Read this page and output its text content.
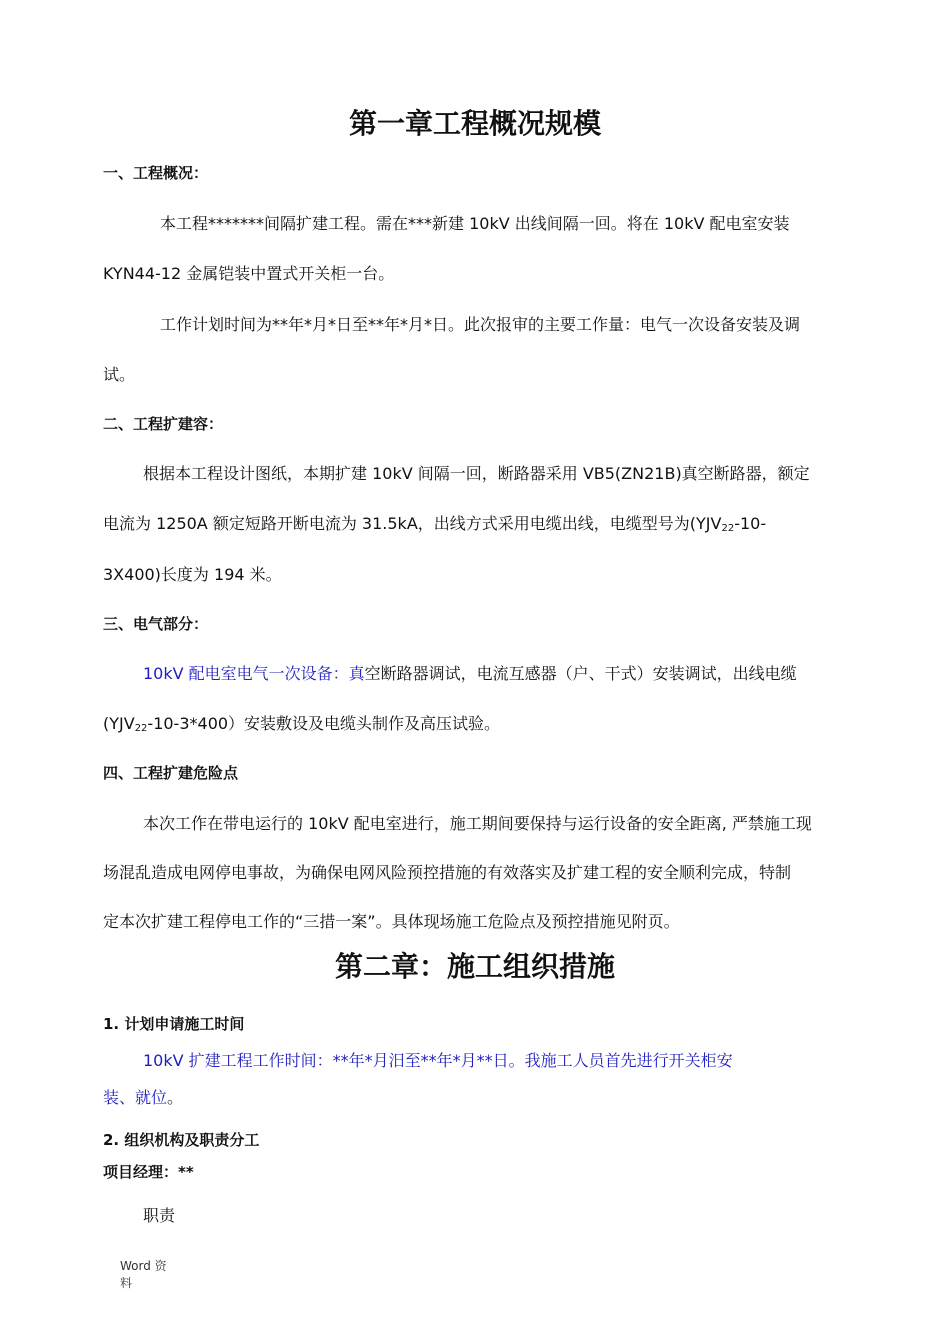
第一章工程概况规模
一、工程概况：
本工程*******间隔扩建工程。需在***新建 10kV 出线间隔一回。将在 10kV 配电室安装
KYN44-12 金属铠装中置式开关柜一台。
工作计划时间为**年*月*日至**年*月*日。此次报审的主要工作量：电气一次设备安装及调
试。
二、工程扩建容：
根据本工程设计图纸，本期扩建 10kV 间隔一回，断路器采用 VB5(ZN21B)真空断路器，额定
电流为 1250A 额定短路开断电流为 31.5kA，出线方式采用电缆出线，电缆型号为($YJV_{22}-10-$
3X400)长度为 194 米。
三、电气部分：
10kV 配电室电气一次设备：真空断路器调试，电流互感器（户、干式）安装调试，出线电缆
$(YJV_{22}-10-3*400)$安装敷设及电缆头制作及高压试验。
四、工程扩建危险点
本次工作在带电运行的 10kV 配电室进行，施工期间要保持与运行设备的安全距离, 严禁施工现
场混乱造成电网停电事故，为确保电网风险预控措施的有效落实及扩建工程的安全顺利完成，特制
定本次扩建工程停电工作的“三措一案”。具体现场施工危险点及预控措施见附页。
第二章：施工组织措施
1. 计划申请施工时间
10kV 扩建工程工作时间：**年*月汨至**年*月**日。我施工人员首先进行开关柜安
装、就位。
2. 组织机构及职责分工
项目经理：**
职责
Word 资
料
